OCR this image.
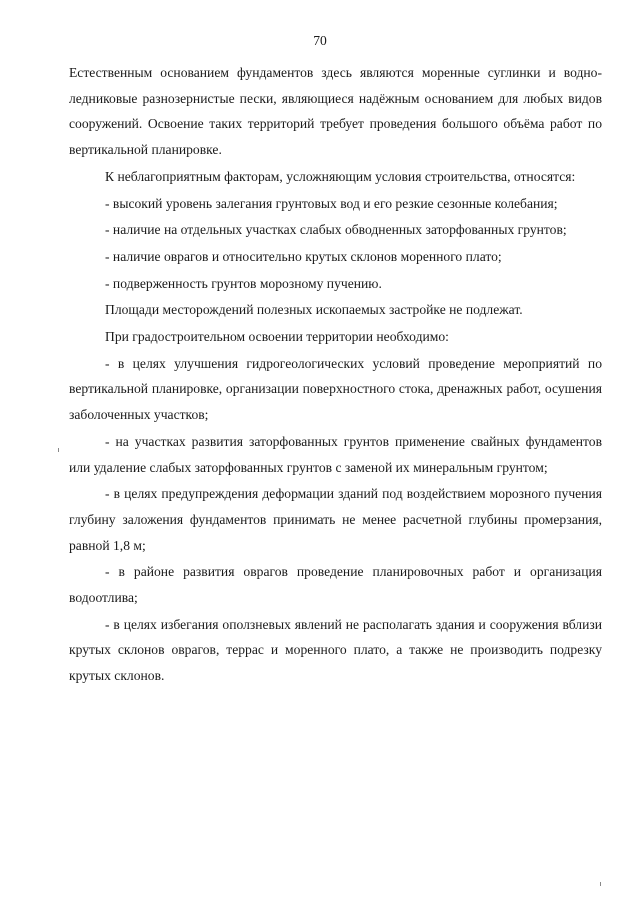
70

Естественным основанием фундаментов здесь являются моренные суглинки и водно-ледниковые разнозернистые пески, являющиеся надёжным основанием для любых видов сооружений. Освоение таких территорий требует проведения большого объёма работ по вертикальной планировке.

К неблагоприятным факторам, усложняющим условия строительства, относятся:

- высокий уровень залегания грунтовых вод и его резкие сезонные колебания;

- наличие на отдельных участках слабых обводненных заторфованных грунтов;

- наличие оврагов и относительно крутых склонов моренного плато;

- подверженность грунтов морозному пучению.

Площади месторождений полезных ископаемых застройке не подлежат.

При градостроительном освоении территории необходимо:

- в целях улучшения гидрогеологических условий проведение мероприятий по вертикальной планировке, организации поверхностного стока, дренажных работ, осушения заболоченных участков;

- на участках развития заторфованных грунтов применение свайных фундаментов или удаление слабых заторфованных грунтов с заменой их минеральным грунтом;

- в целях предупреждения деформации зданий под воздействием морозного пучения глубину заложения фундаментов принимать не менее расчетной глубины промерзания, равной 1,8 м;

- в районе развития оврагов проведение планировочных работ и организация водоотлива;

- в целях избегания оползневых явлений не располагать здания и сооружения вблизи крутых склонов оврагов, террас и моренного плато, а также не производить подрезку крутых склонов.
